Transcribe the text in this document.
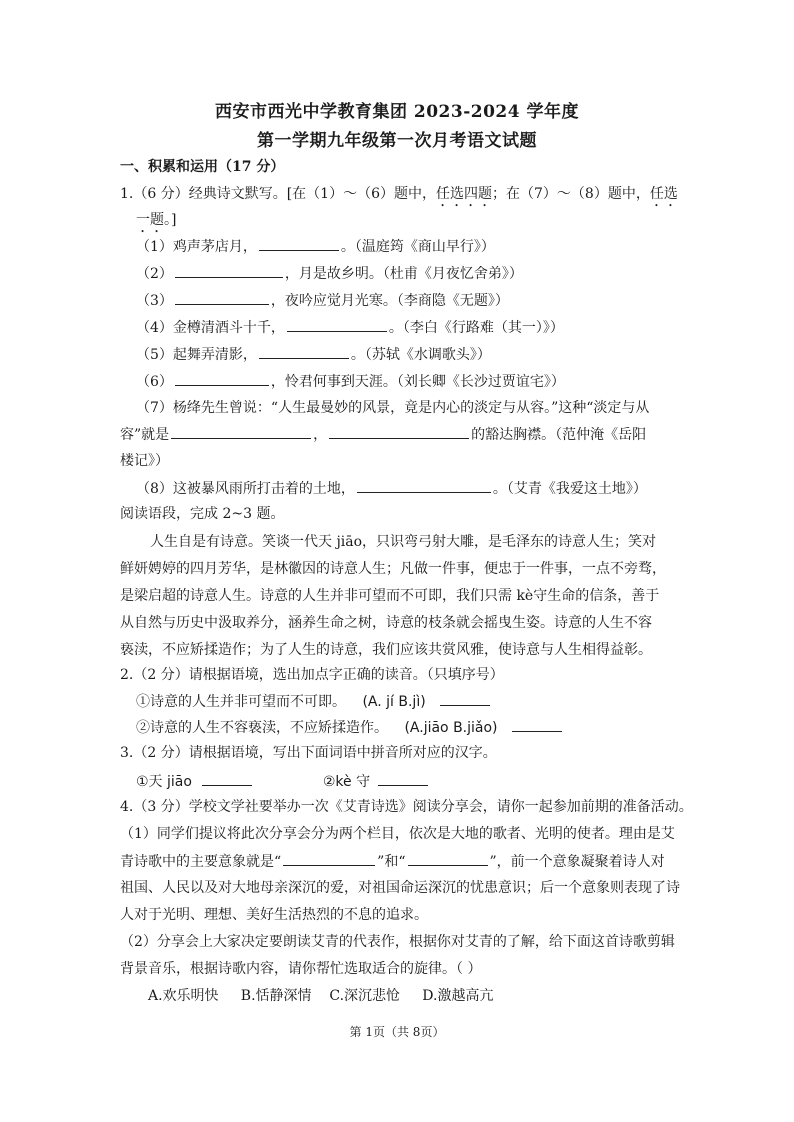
西安市西光中学教育集团 2023-2024 学年度
第一学期九年级第一次月考语文试题
一、积累和运用（17 分）
1.（6 分）经典诗文默写。[在（1）～（6）题中，任选四题；在（7）～（8）题中，任选
一题。]
（1）鸡声茅店月，	。（温庭筠《商山早行》）
（2）	，月是故乡明。（杜甫《月夜忆舍弟》）
（3）	，夜吟应觉月光寒。（李商隐《无题》）
（4）金樽清酒斗十千，	。（李白《行路难（其一）》）
（5）起舞弄清影，	。（苏轼《水调歌头》）
（6）	，怜君何事到天涯。（刘长卿《长沙过贾谊宅》）
（7）杨绛先生曾说：“人生最曼妙的风景，竟是内心的淡定与从容。”这种“淡定与从
容”就是	，	的豁达胸襟。（范仲淹《岳阳
楼记》）
（8）这被暴风雨所打击着的土地，	。（艾青《我爱这土地》）
阅读语段，完成 2~3 题。
人生自是有诗意。笑谈一代天 jiāo，只识弯弓射大雕，是毛泽东的诗意人生；笑对
鲜妍娉婷的四月芳华，是林徽因的诗意人生；凡做一件事，便忠于一件事，一点不旁骛，
是梁启超的诗意人生。诗意的人生并非可望而不可即，我们只需 kè守生命的信条，善于
从自然与历史中汲取养分，涵养生命之树，诗意的枝条就会摇曳生姿。诗意的人生不容
亵渎，不应矫揉造作；为了人生的诗意，我们应该共赏风雅，使诗意与人生相得益彰。
2.（2 分）请根据语境，选出加点字正确的读音。（只填序号）
①诗意的人生并非可望而不可即。 (A. jí B.jì)
②诗意的人生不容亵渎，不应矫揉造作。 (A.jiāo B.jiǎo)
3.（2 分）请根据语境，写出下面词语中拼音所对应的汉字。
①天 jiāo	②kè 守
4.（3 分）学校文学社要举办一次《艾青诗选》阅读分享会，请你一起参加前期的准备活动。
（1）同学们提议将此次分享会分为两个栏目，依次是大地的歌者、光明的使者。理由是艾
青诗歌中的主要意象就是“	”和“	”，前一个意象凝聚着诗人对
祖国、人民以及对大地母亲深沉的爱，对祖国命运深沉的忧患意识；后一个意象则表现了诗
人对于光明、理想、美好生活热烈的不息的追求。
（2）分享会上大家决定要朗读艾青的代表作，根据你对艾青的了解，给下面这首诗歌剪辑
背景音乐，根据诗歌内容，请你帮忙选取适合的旋律。（ ）
A.欢乐明快     B.恬静深情    C.深沉悲怆     D.激越高亢
第 1页（共 8页）
